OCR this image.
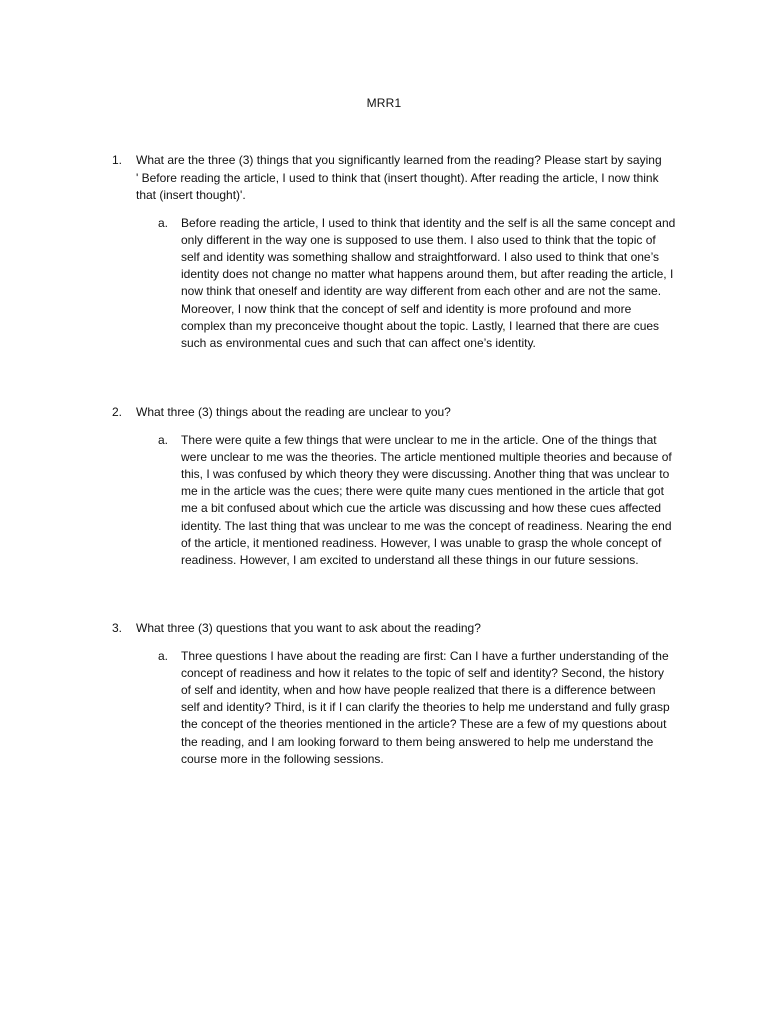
MRR1
1.	What are the three (3) things that you significantly learned from the reading? Please start by saying ' Before reading the article, I used to think that (insert thought). After reading the article, I now think that (insert thought)'.
a. Before reading the article, I used to think that identity and the self is all the same concept and only different in the way one is supposed to use them. I also used to think that the topic of self and identity was something shallow and straightforward. I also used to think that one’s identity does not change no matter what happens around them, but after reading the article, I now think that oneself and identity are way different from each other and are not the same. Moreover, I now think that the concept of self and identity is more profound and more complex than my preconceive thought about the topic. Lastly, I learned that there are cues such as environmental cues and such that can affect one’s identity.
2.	What three (3) things about the reading are unclear to you?
a. There were quite a few things that were unclear to me in the article. One of the things that were unclear to me was the theories. The article mentioned multiple theories and because of this, I was confused by which theory they were discussing. Another thing that was unclear to me in the article was the cues; there were quite many cues mentioned in the article that got me a bit confused about which cue the article was discussing and how these cues affected identity. The last thing that was unclear to me was the concept of readiness. Nearing the end of the article, it mentioned readiness. However, I was unable to grasp the whole concept of readiness. However, I am excited to understand all these things in our future sessions.
3.	What three (3) questions that you want to ask about the reading?
a. Three questions I have about the reading are first: Can I have a further understanding of the concept of readiness and how it relates to the topic of self and identity? Second, the history of self and identity, when and how have people realized that there is a difference between self and identity? Third, is it if I can clarify the theories to help me understand and fully grasp the concept of the theories mentioned in the article? These are a few of my questions about the reading, and I am looking forward to them being answered to help me understand the course more in the following sessions.
